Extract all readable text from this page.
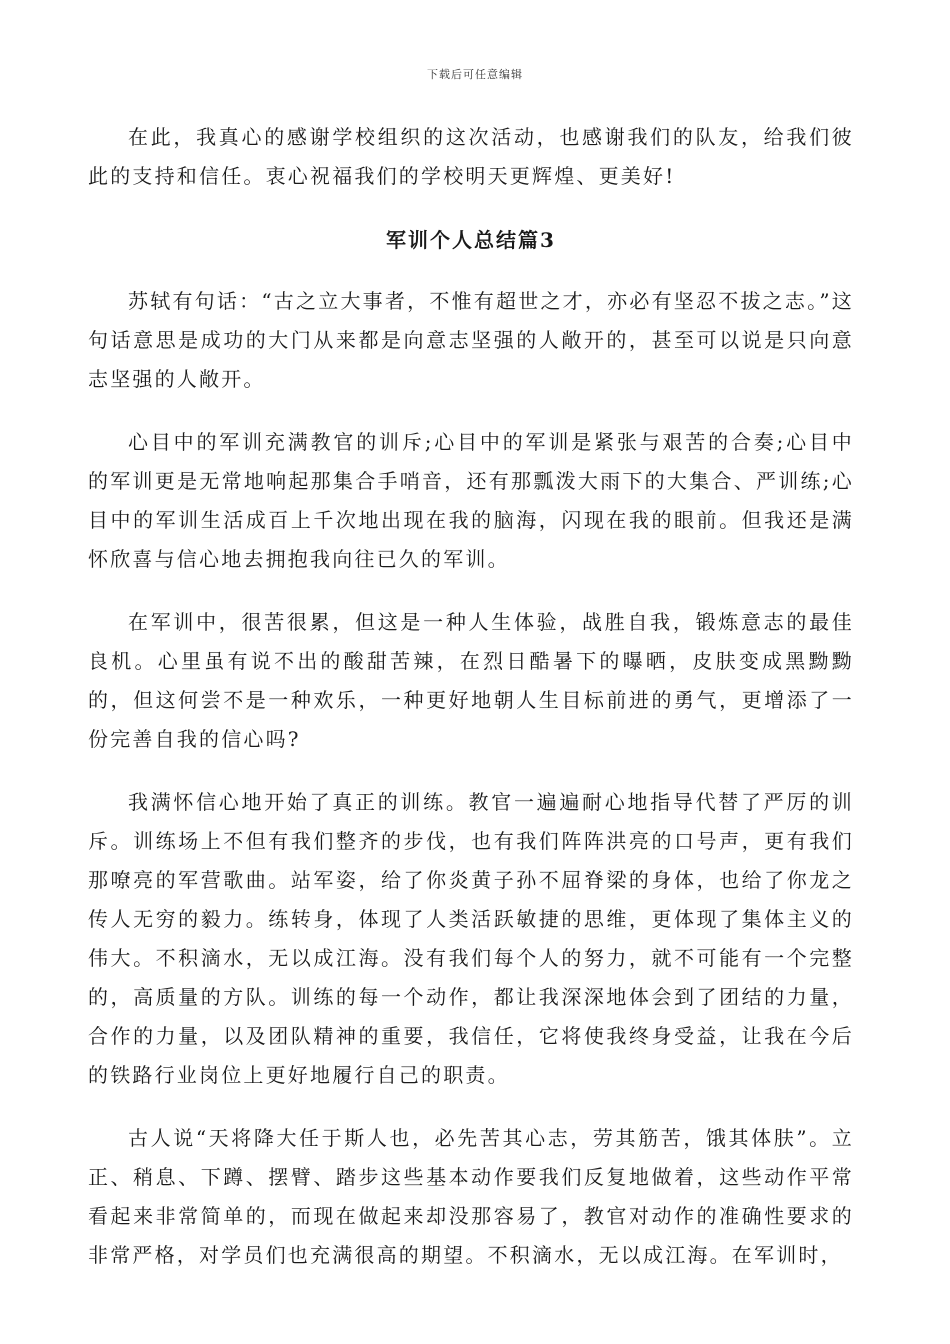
下载后可任意编辑

在此，我真心的感谢学校组织的这次活动，也感谢我们的队友，给我们彼此的支持和信任。衷心祝福我们的学校明天更辉煌、更美好!

军训个人总结篇3

苏轼有句话：“古之立大事者，不惟有超世之才，亦必有坚忍不拔之志。”这句话意思是成功的大门从来都是向意志坚强的人敞开的，甚至可以说是只向意志坚强的人敞开。

心目中的军训充满教官的训斥;心目中的军训是紧张与艰苦的合奏;心目中的军训更是无常地响起那集合手哨音，还有那瓢泼大雨下的大集合、严训练;心目中的军训生活成百上千次地出现在我的脑海，闪现在我的眼前。但我还是满怀欣喜与信心地去拥抱我向往已久的军训。

在军训中，很苦很累，但这是一种人生体验，战胜自我，锻炼意志的最佳良机。心里虽有说不出的酸甜苦辣，在烈日酷暑下的曝晒，皮肤变成黑黝黝的，但这何尝不是一种欢乐，一种更好地朝人生目标前进的勇气，更增添了一份完善自我的信心吗?

我满怀信心地开始了真正的训练。教官一遍遍耐心地指导代替了严厉的训斥。训练场上不但有我们整齐的步伐，也有我们阵阵洪亮的口号声，更有我们那嘹亮的军营歌曲。站军姿，给了你炎黄子孙不屈脊梁的身体，也给了你龙之传人无穷的毅力。练转身，体现了人类活跃敏捷的思维，更体现了集体主义的伟大。不积滴水，无以成江海。没有我们每个人的努力，就不可能有一个完整的，高质量的方队。训练的每一个动作，都让我深深地体会到了团结的力量，合作的力量，以及团队精神的重要，我信任，它将使我终身受益，让我在今后的铁路行业岗位上更好地履行自己的职责。

古人说“天将降大任于斯人也，必先苦其心志，劳其筋苦，饿其体肤”。立正、稍息、下蹲、摆臂、踏步这些基本动作要我们反复地做着，这些动作平常看起来非常简单的，而现在做起来却没那容易了，教官对动作的准确性要求的非常严格，对学员们也充满很高的期望。不积滴水，无以成江海。在军训时，
